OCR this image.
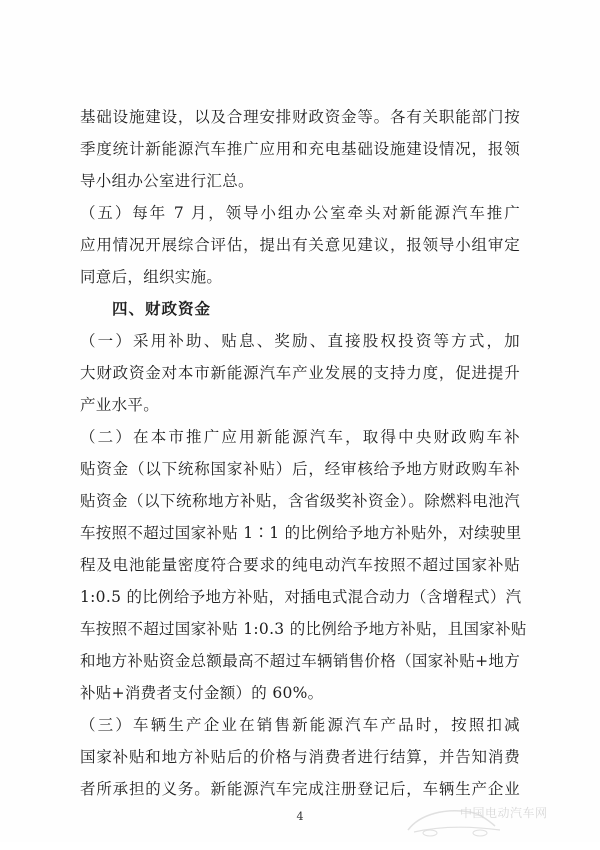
基础设施建设，以及合理安排财政资金等。各有关职能部门按
季度统计新能源汽车推广应用和充电基础设施建设情况，报领
导小组办公室进行汇总。
（五）每年 7 月，领导小组办公室牵头对新能源汽车推广
应用情况开展综合评估，提出有关意见建议，报领导小组审定
同意后，组织实施。
四、财政资金
（一）采用补助、贴息、奖励、直接股权投资等方式，加
大财政资金对本市新能源汽车产业发展的支持力度，促进提升
产业水平。
（二）在本市推广应用新能源汽车，取得中央财政购车补
贴资金（以下统称国家补贴）后，经审核给予地方财政购车补
贴资金（以下统称地方补贴，含省级奖补资金）。除燃料电池汽
车按照不超过国家补贴 1∶1 的比例给予地方补贴外，对续驶里
程及电池能量密度符合要求的纯电动汽车按照不超过国家补贴
1:0.5 的比例给予地方补贴，对插电式混合动力（含增程式）汽
车按照不超过国家补贴 1:0.3 的比例给予地方补贴，且国家补贴
和地方补贴资金总额最高不超过车辆销售价格（国家补贴+地方
补贴+消费者支付金额）的 60%。
（三）车辆生产企业在销售新能源汽车产品时，按照扣减
国家补贴和地方补贴后的价格与消费者进行结算，并告知消费
者所承担的义务。新能源汽车完成注册登记后，车辆生产企业
4	中国电动汽车网
